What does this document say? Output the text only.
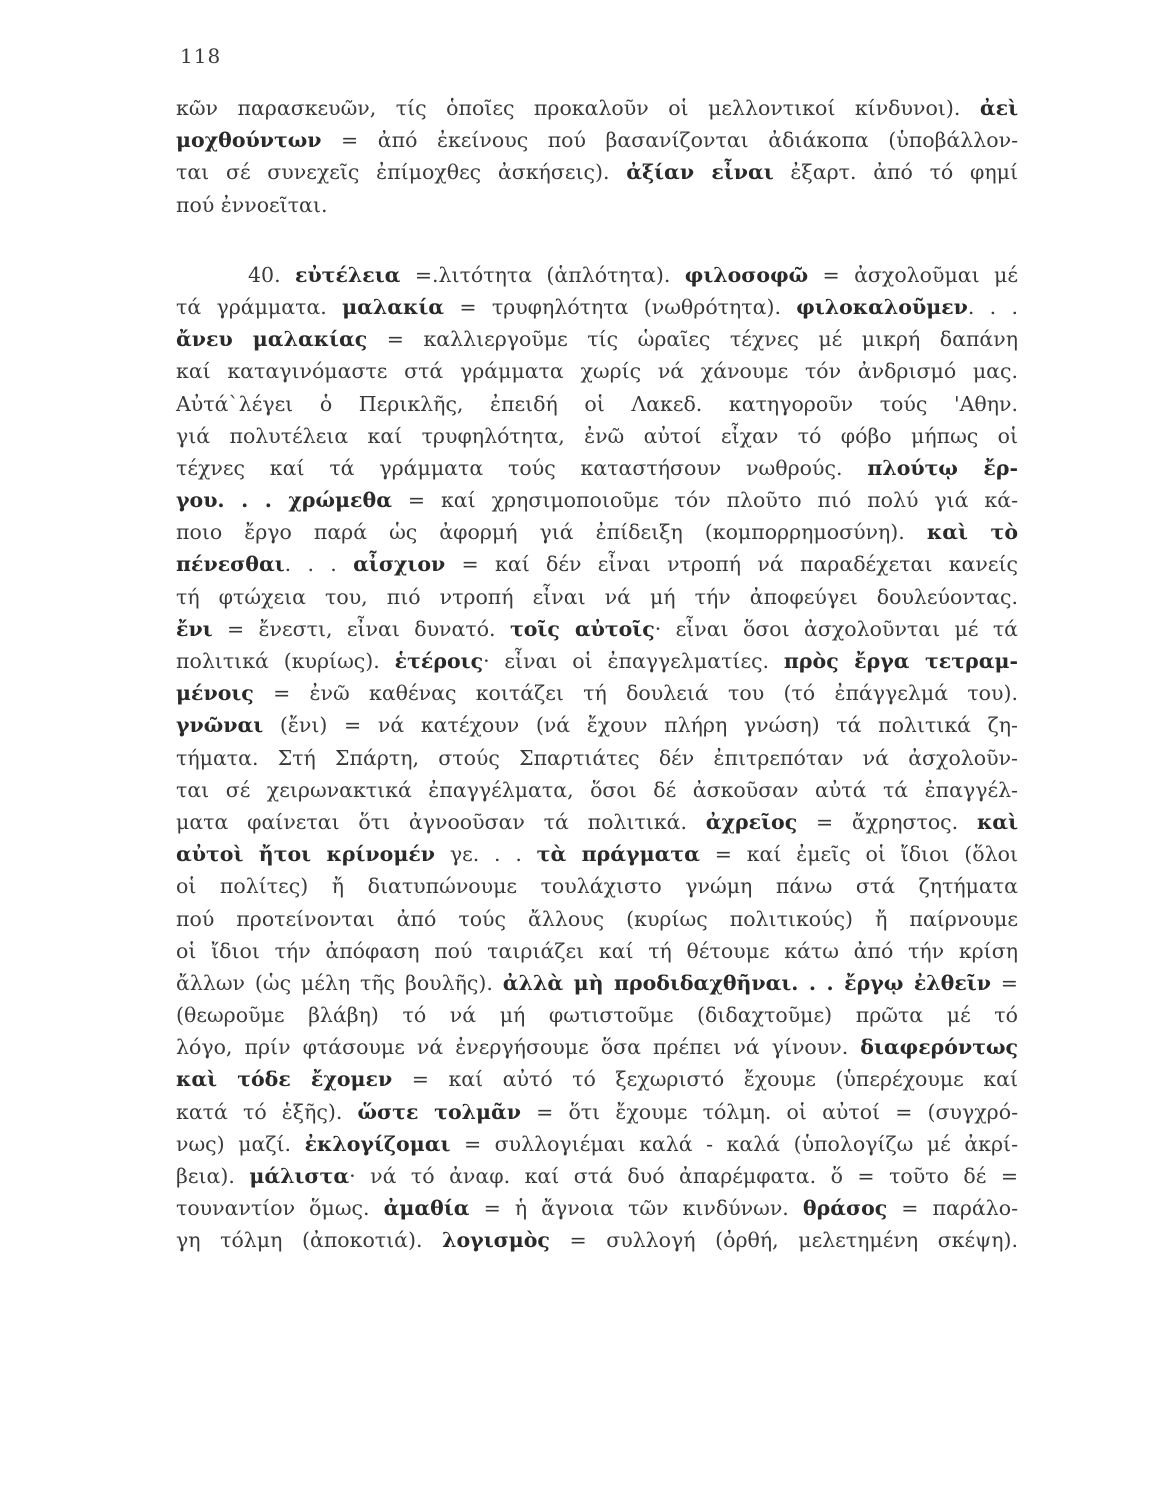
118
κῶν παρασκευῶν, τίς ὁποῖες προκαλοῦν οἱ μελλοντικοί κίνδυνοι). ἀεὶ
μοχθούντων = ἀπό ἐκείνους πού βασανίζονται ἀδιάκοπα (ὑποβάλλον-
ται σέ συνεχεῖς ἐπίμοχθες ἀσκήσεις). ἀξίαν εἶναι ἐξαρτ. ἀπό τό φημί
πού ἐννοεῖται.
40. εὐτέλεια =.λιτότητα (ἁπλότητα). φιλοσοφῶ = ἀσχολοῦμαι μέ
τά γράμματα. μαλακία = τρυφηλότητα (νωθρότητα). φιλοκαλοῦμεν. . .
ἄνευ μαλακίας = καλλιεργοῦμε τίς ὡραῖες τέχνες μέ μικρή δαπάνη
καί καταγινόμαστε στά γράμματα χωρίς νά χάνουμε τόν ἀνδρισμό μας.
Αὐτά`λέγει ὁ Περικλῆς, ἐπειδή οἱ Λακεδ. κατηγοροῦν τούς 'Αθην.
γιά πολυτέλεια καί τρυφηλότητα, ἐνῶ αὐτοί εἶχαν τό φόβο μήπως οἱ
τέχνες καί τά γράμματα τούς καταστήσουν νωθρούς. πλούτῳ ἔρ-
γου. . . χρώμεθα = καί χρησιμοποιοῦμε τόν πλοῦτο πιό πολύ γιά κά-
ποιο ἔργο παρά ὡς ἀφορμή γιά ἐπίδειξη (κομπορρημοσύνη). καὶ τὸ
πένεσθαι. . . αἶσχιον = καί δέν εἶναι ντροπή νά παραδέχεται κανείς
τή φτώχεια του, πιό ντροπή εἶναι νά μή τήν ἀποφεύγει δουλεύοντας.
ἔνι = ἔνεστι, εἶναι δυνατό. τοῖς αὐτοῖς· εἶναι ὅσοι ἀσχολοῦνται μέ τά
πολιτικά (κυρίως). ἑτέροις· εἶναι οἱ ἐπαγγελματίες. πρὸς ἔργα τετραμ-
μένοις = ἐνῶ καθένας κοιτάζει τή δουλειά του (τό ἐπάγγελμά του).
γνῶναι (ἔνι) = νά κατέχουν (νά ἔχουν πλήρη γνώση) τά πολιτικά ζη-
τήματα. Στή Σπάρτη, στούς Σπαρτιάτες δέν ἐπιτρεπόταν νά ἀσχολοῦν-
ται σέ χειρωνακτικά ἐπαγγέλματα, ὅσοι δέ ἀσκοῦσαν αὐτά τά ἐπαγγέλ-
ματα φαίνεται ὅτι ἀγνοοῦσαν τά πολιτικά. ἀχρεῖος = ἄχρηστος. καὶ
αὐτοὶ ἤτοι κρίνομέν γε. . . τὰ πράγματα = καί ἐμεῖς οἱ ἴδιοι (ὅλοι
οἱ πολίτες) ἤ διατυπώνουμε τουλάχιστο γνώμη πάνω στά ζητήματα
πού προτείνονται ἀπό τούς ἄλλους (κυρίως πολιτικούς) ἤ παίρνουμε
οἱ ἴδιοι τήν ἀπόφαση πού ταιριάζει καί τή θέτουμε κάτω ἀπό τήν κρίση
ἄλλων (ὡς μέλη τῆς βουλῆς). ἀλλὰ μὴ προδιδαχθῆναι. . . ἔργῳ ἐλθεῖν =
(θεωροῦμε βλάβη) τό νά μή φωτιστοῦμε (διδαχτοῦμε) πρῶτα μέ τό
λόγο, πρίν φτάσουμε νά ἐνεργήσουμε ὅσα πρέπει νά γίνουν. διαφερόντως
καὶ τόδε ἔχομεν = καί αὐτό τό ξεχωριστό ἔχουμε (ὑπερέχουμε καί
κατά τό ἑξῆς). ὥστε τολμᾶν = ὅτι ἔχουμε τόλμη. οἱ αὐτοί = (συγχρό-
νως) μαζί. ἐκλογίζομαι = συλλογιέμαι καλά - καλά (ὑπολογίζω μέ ἀκρί-
βεια). μάλιστα· νά τό ἀναφ. καί στά δυό ἀπαρέμφατα. ὅ = τοῦτο δέ =
τουναντίον ὅμως. ἀμαθία = ἡ ἄγνοια τῶν κινδύνων. θράσος = παράλο-
γη τόλμη (ἀποκοτιά). λογισμὸς = συλλογή (ὀρθή, μελετημένη σκέψη).
